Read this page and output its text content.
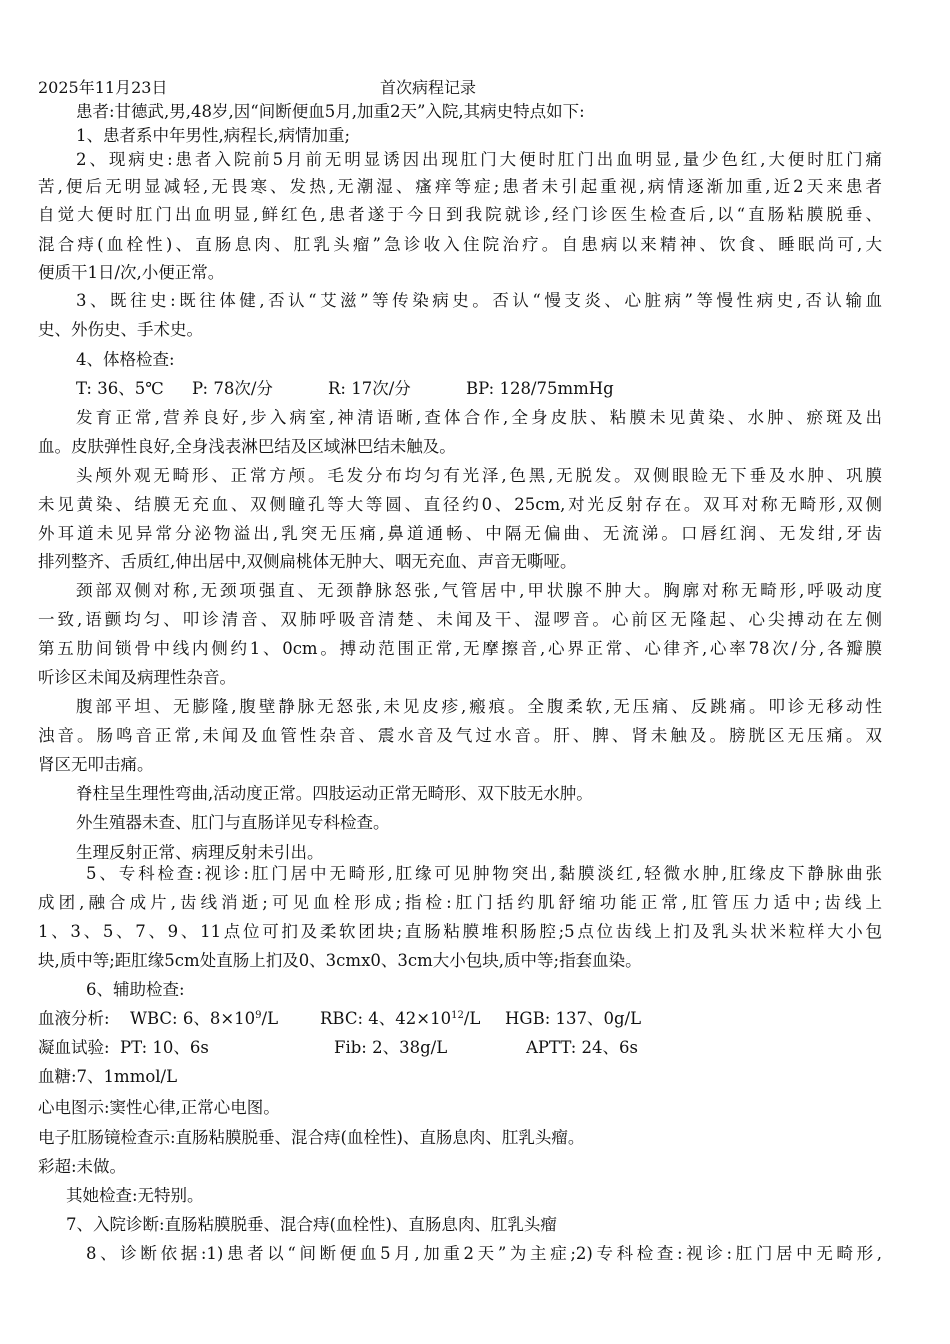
2025年11月23日	首次病程记录
患者:甘德武,男,48岁,因“间断便血5月,加重2天”入院,其病史特点如下:
1、患者系中年男性,病程长,病情加重;
2、现病史:患者入院前5月前无明显诱因出现肛门大便时肛门出血明显,量少色红,大便时肛门痛
苦,便后无明显减轻,无畏寒、发热,无潮湿、瘙痒等症;患者未引起重视,病情逐渐加重,近2天来患者
自觉大便时肛门出血明显,鲜红色,患者遂于今日到我院就诊,经门诊医生检查后,以“直肠粘膜脱垂、
混合痔(血栓性)、直肠息肉、肛乳头瘤”急诊收入住院治疗。自患病以来精神、饮食、睡眠尚可,大
便质干1日/次,小便正常。
3、既往史:既往体健,否认“艾滋”等传染病史。否认“慢支炎、心脏病”等慢性病史,否认输血
史、外伤史、手术史。
4、体格检查:
T: 36、5℃ P: 78次/分	R: 17次/分	BP: 128/75mmHg
发育正常,营养良好,步入病室,神清语晰,查体合作,全身皮肤、粘膜未见黄染、水肿、瘀斑及出
血。皮肤弹性良好,全身浅表淋巴结及区域淋巴结未触及。
头颅外观无畸形、正常方颅。毛发分布均匀有光泽,色黑,无脱发。双侧眼睑无下垂及水肿、巩膜
未见黄染、结膜无充血、双侧瞳孔等大等圆、直径约0、25cm,对光反射存在。双耳对称无畸形,双侧
外耳道未见异常分泌物溢出,乳突无压痛,鼻道通畅、中隔无偏曲、无流涕。口唇红润、无发绀,牙齿
排列整齐、舌质红,伸出居中,双侧扁桃体无肿大、咽无充血、声音无嘶哑。
颈部双侧对称,无颈项强直、无颈静脉怒张,气管居中,甲状腺不肿大。胸廓对称无畸形,呼吸动度
一致,语颤均匀、叩诊清音、双肺呼吸音清楚、未闻及干、湿啰音。心前区无隆起、心尖搏动在左侧
第五肋间锁骨中线内侧约1、0cm。搏动范围正常,无摩擦音,心界正常、心律齐,心率78次/分,各瓣膜
听诊区未闻及病理性杂音。
腹部平坦、无膨隆,腹壁静脉无怒张,未见皮疹,瘢痕。全腹柔软,无压痛、反跳痛。叩诊无移动性
浊音。肠鸣音正常,未闻及血管性杂音、震水音及气过水音。肝、脾、肾未触及。膀胱区无压痛。双
肾区无叩击痛。
脊柱呈生理性弯曲,活动度正常。四肢运动正常无畸形、双下肢无水肿。
外生殖器未查、肛门与直肠详见专科检查。
生理反射正常、病理反射未引出。
5、专科检查:视诊:肛门居中无畸形,肛缘可见肿物突出,黏膜淡红,轻微水肿,肛缘皮下静脉曲张
成团,融合成片,齿线消逝;可见血栓形成;指检:肛门括约肌舒缩功能正常,肛管压力适中;齿线上
1、3、5、7、9、11点位可扪及柔软团块;直肠粘膜堆积肠腔;5点位齿线上扪及乳头状米粒样大小包
块,质中等;距肛缘5cm处直肠上扪及0、3cmx0、3cm大小包块,质中等;指套血染。
6、辅助检查:
血液分析: WBC: 6、$8\times 10^9/L$	RBC: 4、$42\times 10^{12}/L$ HGB: 137、0g/L
凝血试验:  PT: 10、6s	Fib: 2、38g/L	APTT: 24、6s
血糖:7、1mmol/L
心电图示:窦性心律,正常心电图。
电子肛肠镜检查示:直肠粘膜脱垂、混合痔(血栓性)、直肠息肉、肛乳头瘤。
彩超:未做。
其她检查:无特别。
7、入院诊断:直肠粘膜脱垂、混合痔(血栓性)、直肠息肉、肛乳头瘤
8、诊断依据:1)患者以“间断便血5月,加重2天”为主症;2)专科检查:视诊:肛门居中无畸形,
